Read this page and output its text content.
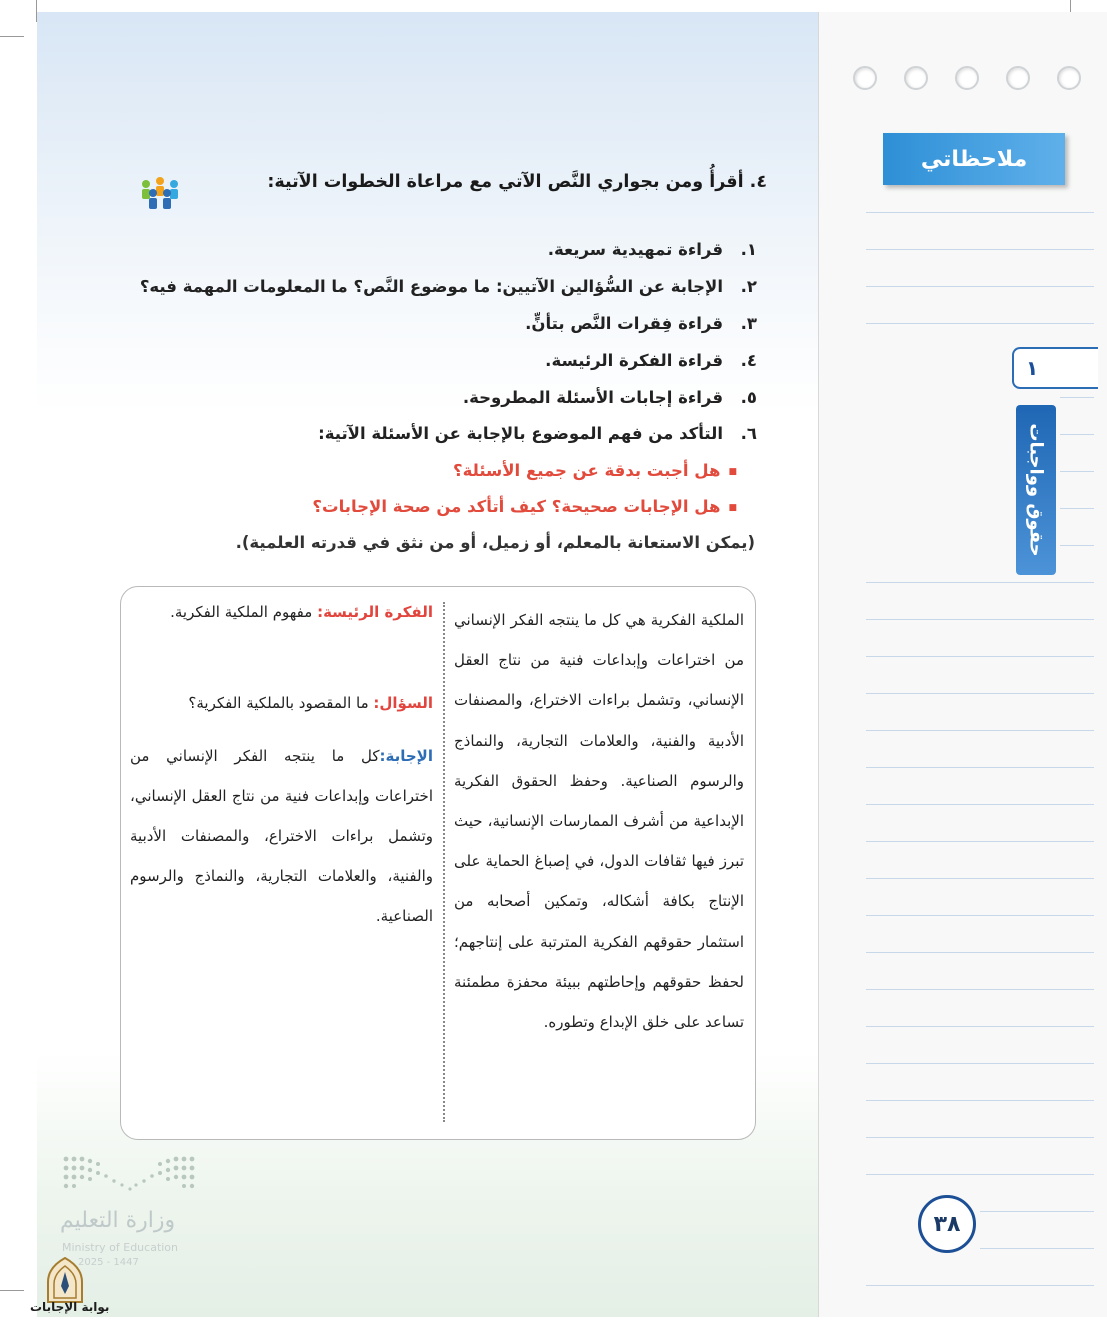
ملاحظاتي
١
حقوق وواجبات
٣٨
٤. أقرأُ ومن بجواري النَّص الآتي مع مراعاة الخطوات الآتية:
١.قراءة تمهيدية سريعة.
٢.الإجابة عن السُّؤالين الآتيين: ما موضوع النَّص؟ ما المعلومات المهمة فيه؟
٣.قراءة فِقرات النَّص بتأنٍّ.
٤.قراءة الفكرة الرئيسة.
٥.قراءة إجابات الأسئلة المطروحة.
٦.التأكد من فهم الموضوع بالإجابة عن الأسئلة الآتية:
■ هل أجبت بدقة عن جميع الأسئلة؟
■ هل الإجابات صحيحة؟ كيف أتأكد من صحة الإجابات؟
(يمكن الاستعانة بالمعلم، أو زميل، أو من نثق في قدرته العلمية).
الملكية الفكرية هي كل ما ينتجه الفكر الإنساني من اختراعات وإبداعات فنية من نتاج العقل الإنساني، وتشمل براءات الاختراع، والمصنفات الأدبية والفنية، والعلامات التجارية، والنماذج والرسوم الصناعية. وحفظ الحقوق الفكرية الإبداعية من أشرف الممارسات الإنسانية، حيث تبرز فيها ثقافات الدول، في إصباغ الحماية على الإنتاج بكافة أشكاله، وتمكين أصحابه من استثمار حقوقهم الفكرية المترتبة على إنتاجهم؛ لحفظ حقوقهم وإحاطتهم ببيئة محفزة مطمئنة تساعد على خلق الإبداع وتطوره.
الفكرة الرئيسة: مفهوم الملكية الفكرية.
السؤال: ما المقصود بالملكية الفكرية؟
الإجابة:كل ما ينتجه الفكر الإنساني من اختراعات وإبداعات فنية من نتاج العقل الإنساني، وتشمل براءات الاختراع، والمصنفات الأدبية والفنية، والعلامات التجارية، والنماذج والرسوم الصناعية.
وزارة التعليم
Ministry of Education
2025 - 1447
بوابة الإجابات
